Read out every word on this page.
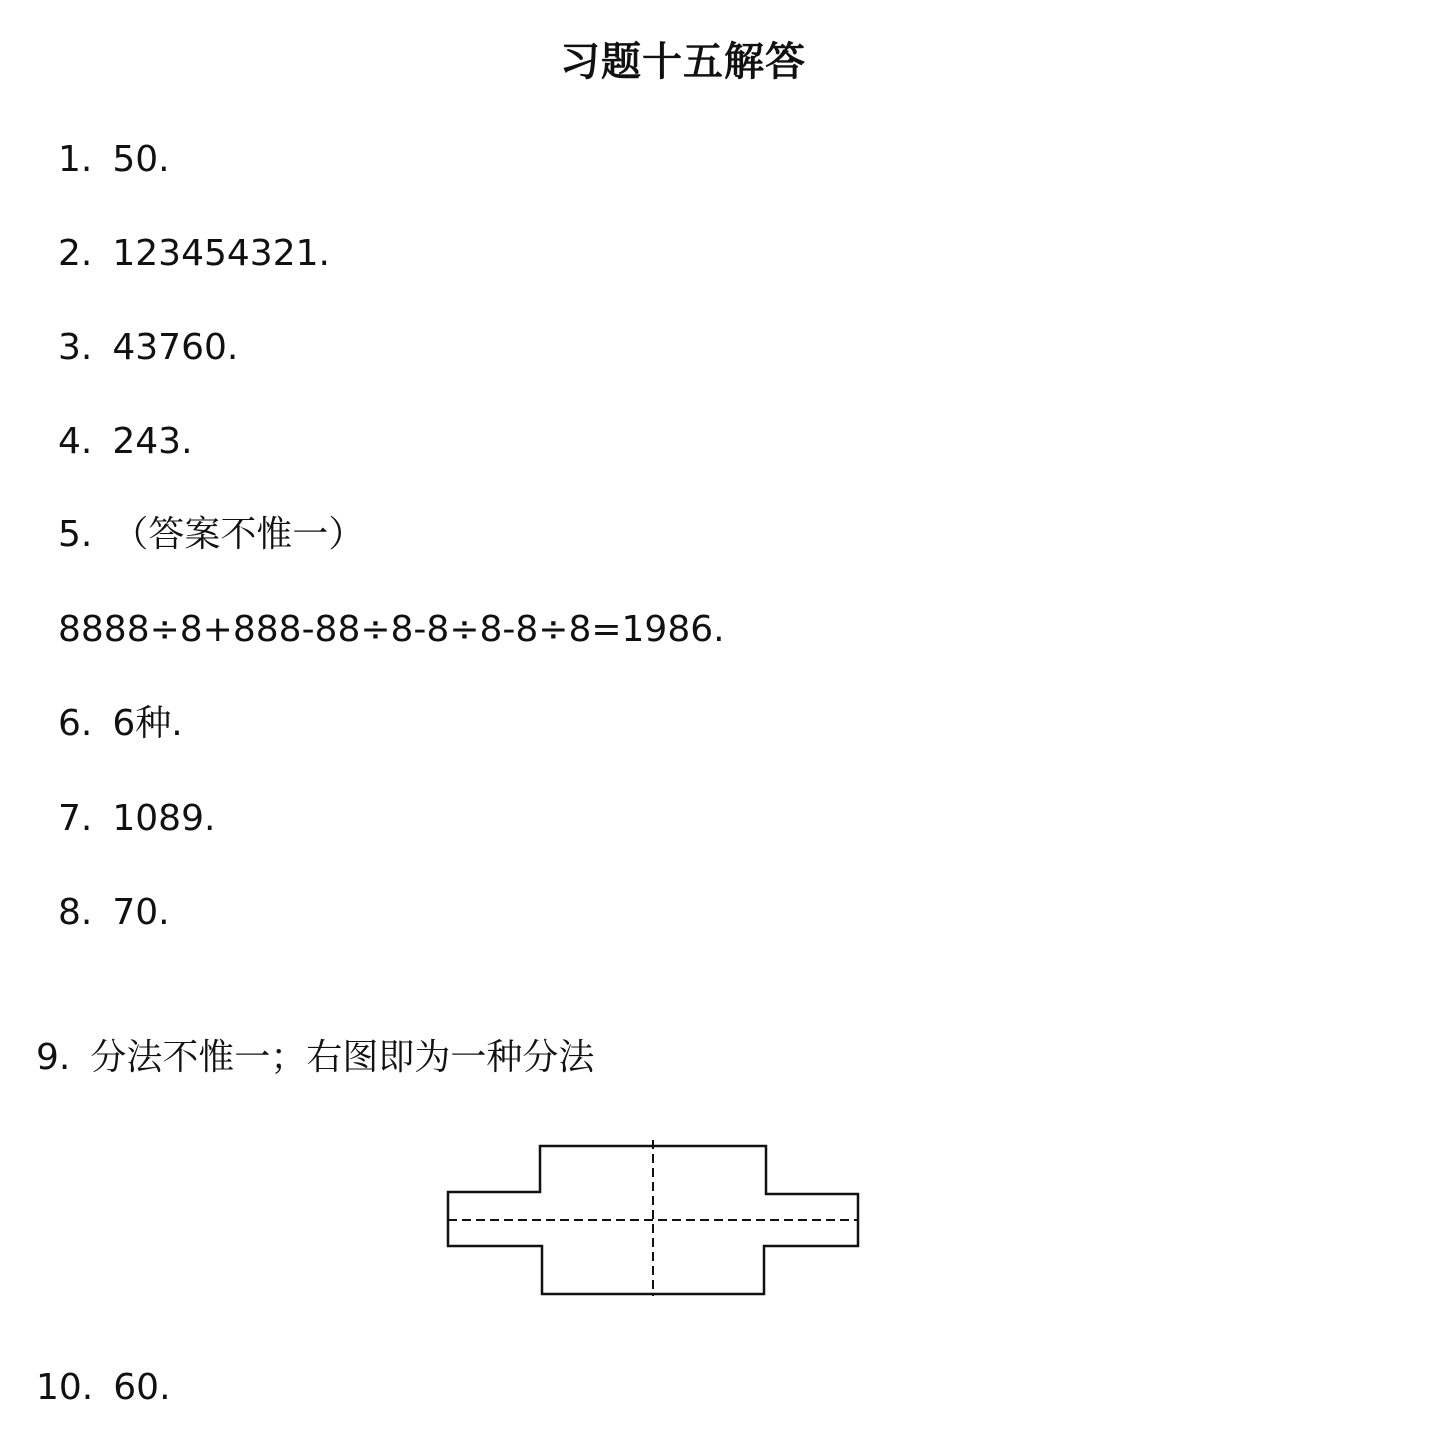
习题十五解答
1. 50.
2. 123454321.
3. 43760.
4. 243.
5. （答案不惟一）
8888÷8+888-88÷8-8÷8-8÷8=1986.
6. 6种.
7. 1089.
8. 70.
9. 分法不惟一；右图即为一种分法
10. 60.
